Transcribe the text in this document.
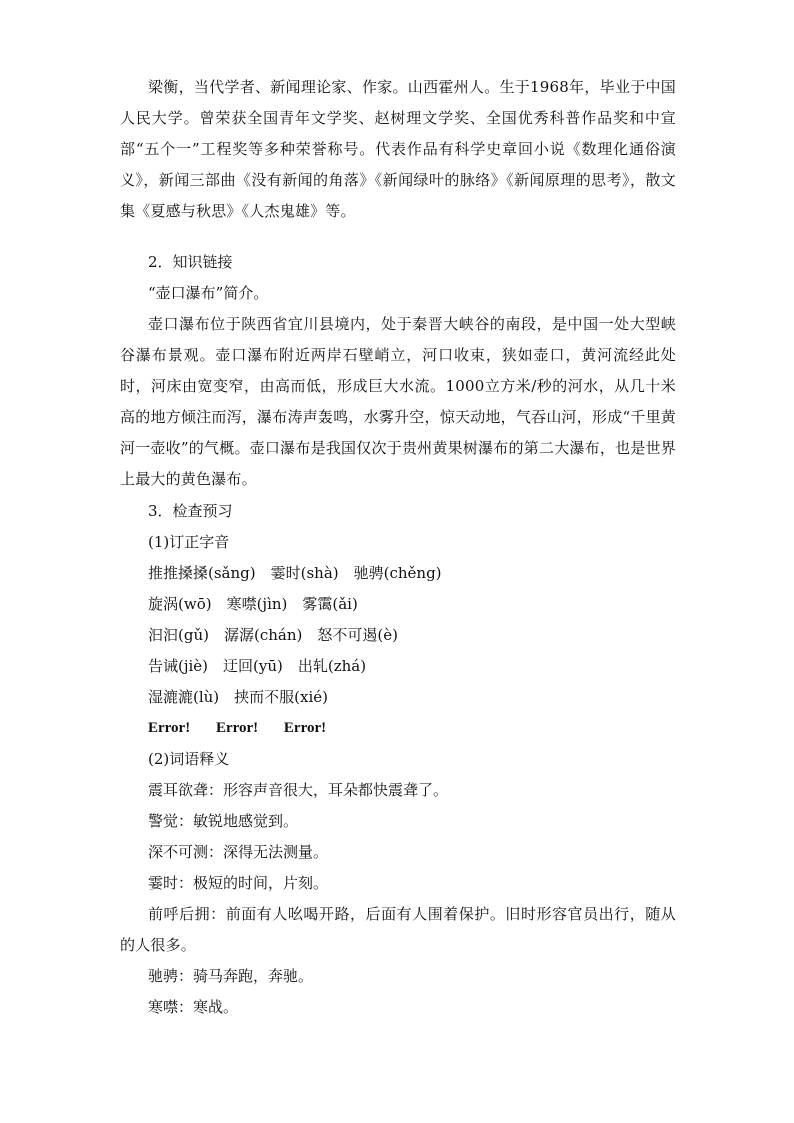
梁衡，当代学者、新闻理论家、作家。山西霍州人。生于1968年，毕业于中国人民大学。曾荣获全国青年文学奖、赵树理文学奖、全国优秀科普作品奖和中宣部“五个一”工程奖等多种荣誉称号。代表作品有科学史章回小说《数理化通俗演义》，新闻三部曲《没有新闻的角落》《新闻绿叶的脉络》《新闻原理的思考》，散文集《夏感与秋思》《人杰鬼雄》等。

2．知识链接
“壶口瀑布”简介。

壶口瀑布位于陕西省宜川县境内，处于秦晋大峡谷的南段，是中国一处大型峡谷瀑布景观。壶口瀑布附近两岸石壁峭立，河口收束，狭如壶口，黄河流经此处时，河床由宽变窄，由高而低，形成巨大水流。1000立方米/秒的河水，从几十米高的地方倾注而泻，瀑布涛声轰鸣，水雾升空，惊天动地，气吞山河，形成“千里黄河一壶收”的气概。壶口瀑布是我国仅次于贵州黄果树瀑布的第二大瀑布，也是世界上最大的黄色瀑布。

3．检查预习
(1)订正字音
推推搡搡(sǎng)　霎时(shà)　驰骋(chěng)
旋涡(wō)　寒噤(jìn)　雾霭(ǎi)
汩汩(gǔ)　潺潺(chán)　怒不可遏(è)
告诫(jiè)　迂回(yū)　出轧(zhá)
湿漉漉(lù)　挟而不服(xié)
Error! Error! Error!
(2)词语释义
震耳欲聋：形容声音很大，耳朵都快震聋了。
警觉：敏锐地感觉到。
深不可测：深得无法测量。
霎时：极短的时间，片刻。

前呼后拥：前面有人吆喝开路，后面有人围着保护。旧时形容官员出行，随从的人很多。

驰骋：骑马奔跑，奔驰。
寒噤：寒战。
